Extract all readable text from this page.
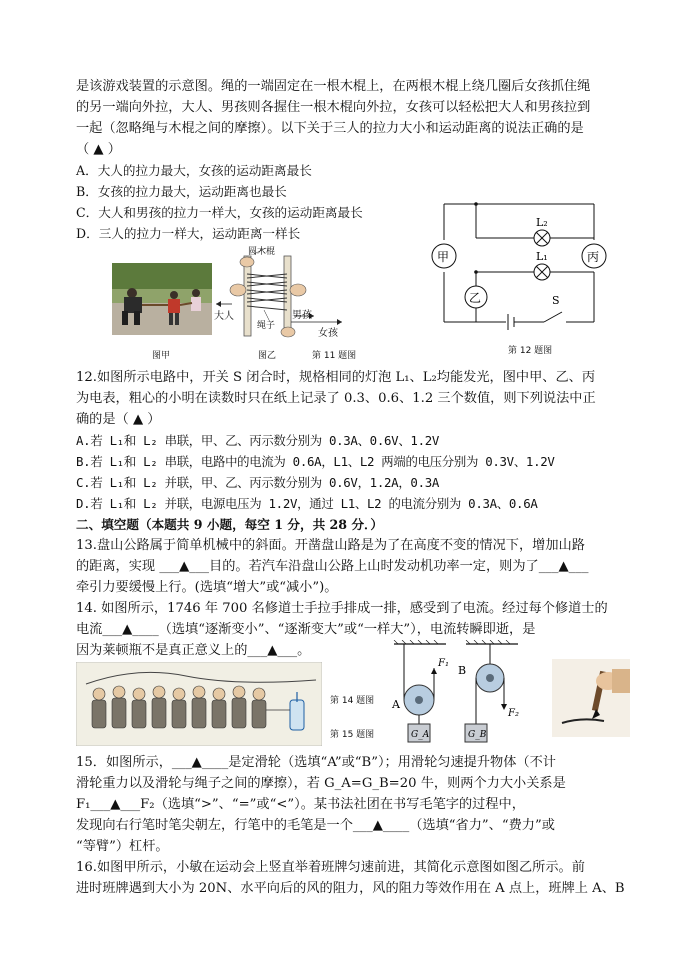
是该游戏装置的示意图。绳的一端固定在一根木棍上，在两根木棍上绕几圈后女孩抓住绳
的另一端向外拉，大人、男孩则各握住一根木棍向外拉，女孩可以轻松把大人和男孩拉到
一起（忽略绳与木棍之间的摩擦）。以下关于三人的拉力大小和运动距离的说法正确的是
（ ▲ ）
A．大人的拉力最大，女孩的运动距离最长
B．女孩的拉力最大，运动距离也最长
C．大人和男孩的拉力一样大，女孩的运动距离最长
D．三人的拉力一样大，运动距离一样长
图甲
圆木棍
大人	男孩
绳子
女孩
图乙	第 11 题图
甲	丙
乙
L₂
L₁
S
第 12 题图
12.如图所示电路中，开关 S 闭合时，规格相同的灯泡 L₁、L₂均能发光，图中甲、乙、丙
为电表，粗心的小明在读数时只在纸上记录了 0.3、0.6、1.2 三个数值，则下列说法中正
确的是（ ▲ ）
A.若 L₁和 L₂ 串联，甲、乙、丙示数分别为 0.3A、0.6V、1.2V
B.若 L₁和 L₂ 串联，电路中的电流为 0.6A，L1、L2 两端的电压分别为 0.3V、1.2V
C.若 L₁和 L₂ 并联，甲、乙、丙示数分别为 0.6V，1.2A，0.3A
D.若 L₁和 L₂ 并联，电源电压为 1.2V，通过 L1、L2 的电流分别为 0.3A、0.6A
二、填空题（本题共 9 小题，每空 1 分，共 28 分．）
13.盘山公路属于简单机械中的斜面。开凿盘山路是为了在高度不变的情况下，增加山路
的距离，实现 ___▲___目的。若汽车沿盘山公路上山时发动机功率一定，则为了___▲___
牵引力要缓慢上行。(选填“增大”或“减小”)。
14. 如图所示，1746 年 700 名修道士手拉手排成一排，感受到了电流。经过每个修道士的
电流___▲____（选填“逐渐变小”、“逐渐变大”或“一样大”），电流转瞬即逝，是
因为莱顿瓶不是真正意义上的___▲___。
第 14 题图
第 15 题图
A
B
F₁
F₂
G_A	G_B
15．如图所示，___▲____是定滑轮（选填“A”或“B”）；用滑轮匀速提升物体（不计
滑轮重力以及滑轮与绳子之间的摩擦），若 G_A=G_B=20 牛，则两个力大小关系是
F₁___▲___F₂（选填“>”、“=”或“<”）。某书法社团在书写毛笔字的过程中，
发现向右行笔时笔尖朝左，行笔中的毛笔是一个___▲____（选填“省力”、“费力”或
“等臂”）杠杆。
16.如图甲所示，小敏在运动会上竖直举着班牌匀速前进，其简化示意图如图乙所示。前
进时班牌遇到大小为 20N、水平向后的风的阻力，风的阻力等效作用在 A 点上，班牌上 A、B
